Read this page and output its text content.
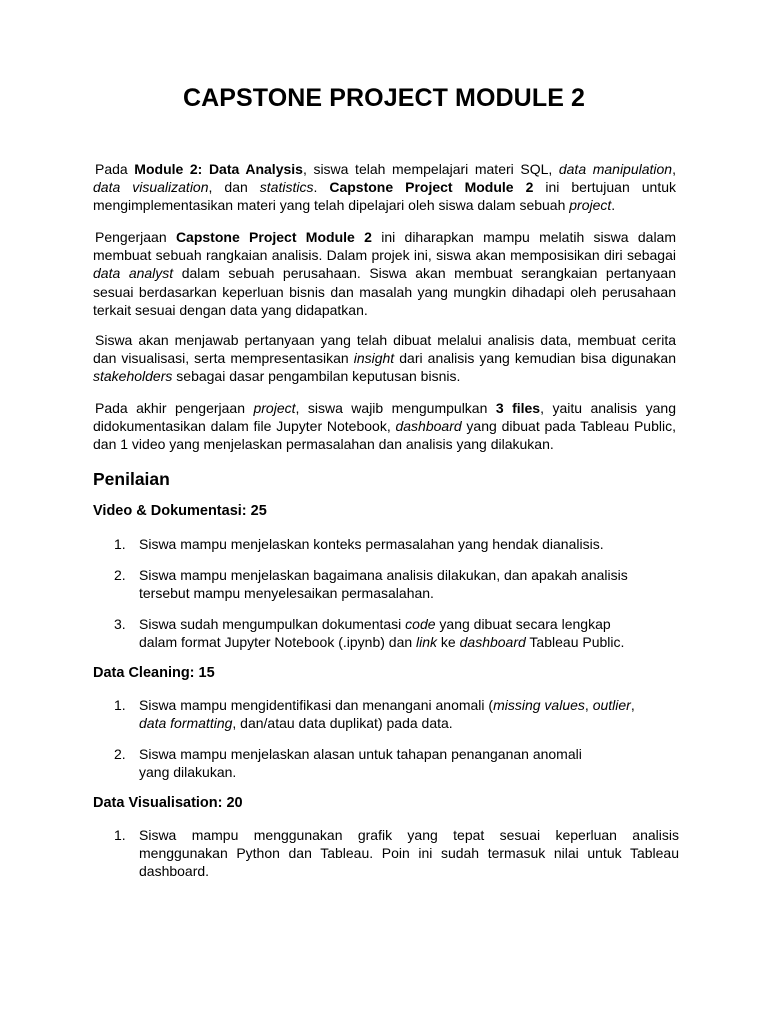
CAPSTONE PROJECT MODULE 2
Pada Module 2: Data Analysis, siswa telah mempelajari materi SQL, data manipulation, data visualization, dan statistics. Capstone Project Module 2 ini bertujuan untuk mengimplementasikan materi yang telah dipelajari oleh siswa dalam sebuah project.
Pengerjaan Capstone Project Module 2 ini diharapkan mampu melatih siswa dalam membuat sebuah rangkaian analisis. Dalam projek ini, siswa akan memposisikan diri sebagai data analyst dalam sebuah perusahaan. Siswa akan membuat serangkaian pertanyaan sesuai berdasarkan keperluan bisnis dan masalah yang mungkin dihadapi oleh perusahaan terkait sesuai dengan data yang didapatkan.
Siswa akan menjawab pertanyaan yang telah dibuat melalui analisis data, membuat cerita dan visualisasi, serta mempresentasikan insight dari analisis yang kemudian bisa digunakan stakeholders sebagai dasar pengambilan keputusan bisnis.
Pada akhir pengerjaan project, siswa wajib mengumpulkan 3 files, yaitu analisis yang didokumentasikan dalam file Jupyter Notebook, dashboard yang dibuat pada Tableau Public, dan 1 video yang menjelaskan permasalahan dan analisis yang dilakukan.
Penilaian
Video & Dokumentasi: 25
1. Siswa mampu menjelaskan konteks permasalahan yang hendak dianalisis.
2. Siswa mampu menjelaskan bagaimana analisis dilakukan, dan apakah analisis
tersebut mampu menyelesaikan permasalahan.
3. Siswa sudah mengumpulkan dokumentasi code yang dibuat secara lengkap
dalam format Jupyter Notebook (.ipynb) dan link ke dashboard Tableau Public.
Data Cleaning: 15
1. Siswa mampu mengidentifikasi dan menangani anomali (missing values, outlier,
data formatting, dan/atau data duplikat) pada data.
2. Siswa mampu menjelaskan alasan untuk tahapan penanganan anomali
yang dilakukan.
Data Visualisation: 20
1. Siswa mampu menggunakan grafik yang tepat sesuai keperluan analisis menggunakan Python dan Tableau. Poin ini sudah termasuk nilai untuk Tableau dashboard.
